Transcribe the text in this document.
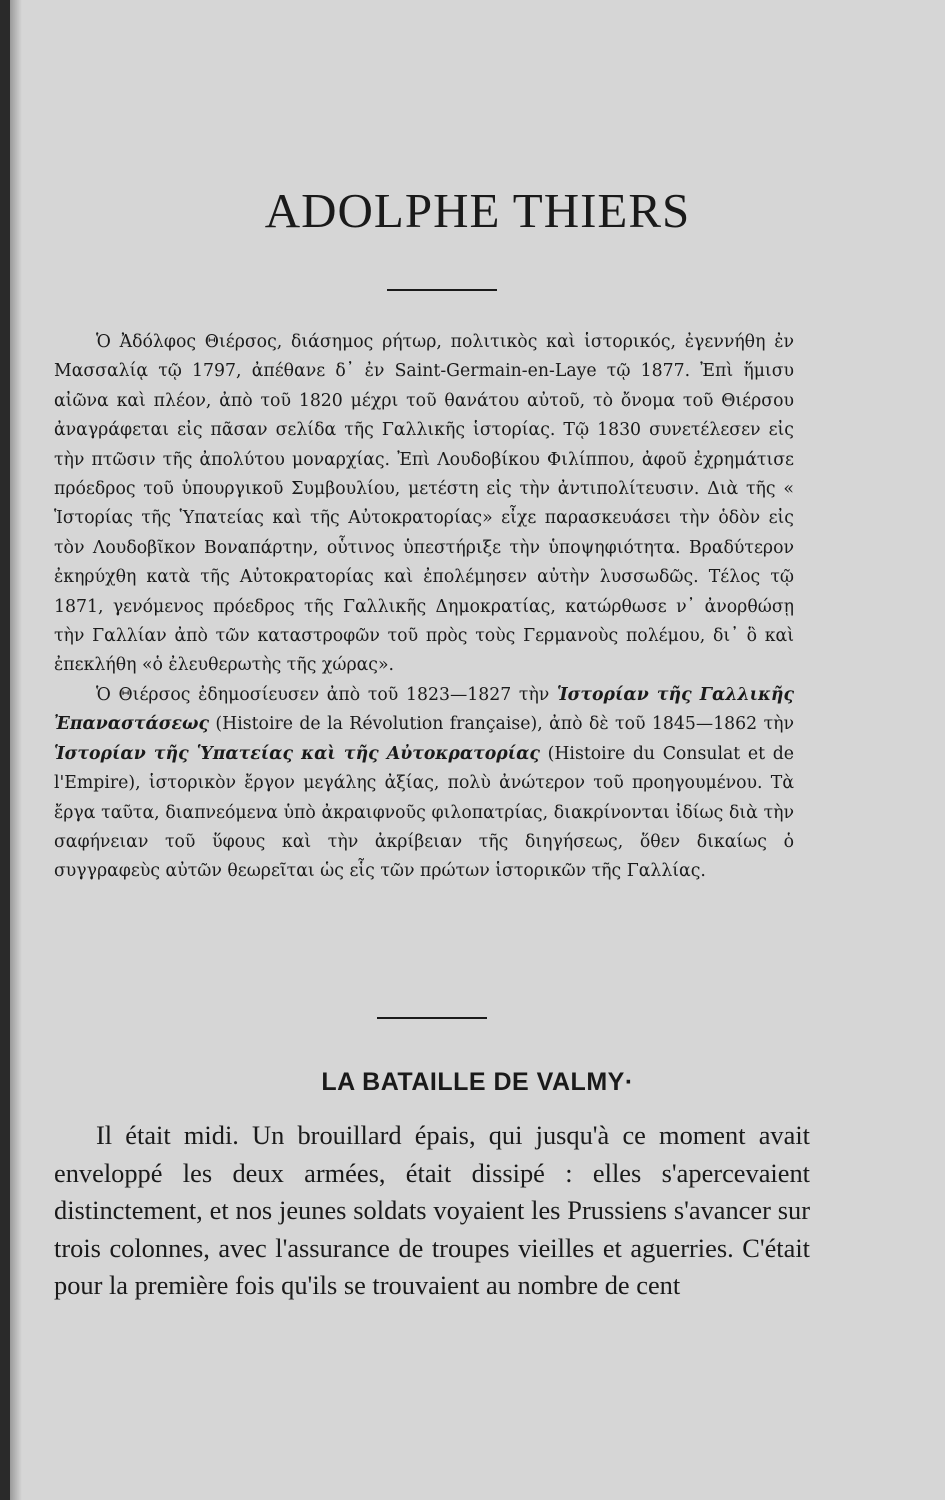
ADOLPHE THIERS

Ὁ Ἀδόλφος Θιέρσος, διάσημος ρήτωρ, πολιτικὸς καὶ ἱστορικός, ἐγεννήθη ἐν Μασσαλίᾳ τῷ 1797, ἀπέθανε δ᾽ ἐν Saint-Germain-en-Laye τῷ 1877. Ἐπὶ ἥμισυ αἰῶνα καὶ πλέον, ἀπὸ τοῦ 1820 μέχρι τοῦ θανάτου αὐτοῦ, τὸ ὄνομα τοῦ Θιέρσου ἀναγράφεται εἰς πᾶσαν σελίδα τῆς Γαλλικῆς ἱστορίας. Τῷ 1830 συνετέλεσεν εἰς τὴν πτῶσιν τῆς ἀπολύτου μοναρχίας. Ἐπὶ Λουδοβίκου Φιλίππου, ἀφοῦ ἐχρημάτισε πρόεδρος τοῦ ὑπουργικοῦ Συμβουλίου, μετέστη εἰς τὴν ἀντιπολίτευσιν. Διὰ τῆς « Ἱστορίας τῆς Ὑπατείας καὶ τῆς Αὐτοκρατορίας» εἶχε παρασκευάσει τὴν ὁδὸν εἰς τὸν Λουδοβῖκον Βοναπάρτην, οὗτινος ὑπεστήριξε τὴν ὑποψηφιότητα. Βραδύτερον ἐκηρύχθη κατὰ τῆς Αὐτοκρατορίας καὶ ἐπολέμησεν αὐτὴν λυσσωδῶς. Τέλος τῷ 1871, γενόμενος πρόεδρος τῆς Γαλλικῆς Δημοκρατίας, κατώρθωσε ν᾽ ἀνορθώσῃ τὴν Γαλλίαν ἀπὸ τῶν καταστροφῶν τοῦ πρὸς τοὺς Γερμανοὺς πολέμου, δι᾽ ὃ καὶ ἐπεκλήθη «ὁ ἐλευθερωτὴς τῆς χώρας».

Ὁ Θιέρσος ἐδημοσίευσεν ἀπὸ τοῦ 1823—1827 τὴν Ἱστορίαν τῆς Γαλλικῆς Ἐπαναστάσεως (Histoire de la Révolution française), ἀπὸ δὲ τοῦ 1845—1862 τὴν Ἱστορίαν τῆς Ὑπατείας καὶ τῆς Αὐτοκρατορίας (Histoire du Consulat et de l'Empire), ἱστορικὸν ἔργον μεγάλης ἀξίας, πολὺ ἀνώτερον τοῦ προηγουμένου. Τὰ ἔργα ταῦτα, διαπνεόμενα ὑπὸ ἀκραιφνοῦς φιλοπατρίας, διακρίνονται ἰδίως διὰ τὴν σαφήνειαν τοῦ ὕφους καὶ τὴν ἀκρίβειαν τῆς διηγήσεως, ὅθεν δικαίως ὁ συγγραφεὺς αὐτῶν θεωρεῖται ὡς εἷς τῶν πρώτων ἱστορικῶν τῆς Γαλλίας.

LA BATAILLE DE VALMY·

Il était midi. Un brouillard épais, qui jusqu'à ce moment avait enveloppé les deux armées, était dissipé : elles s'apercevaient distinctement, et nos jeunes soldats voyaient les Prussiens s'avancer sur trois colonnes, avec l'assurance de troupes vieilles et aguerries. C'était pour la première fois qu'ils se trouvaient au nombre de cent
